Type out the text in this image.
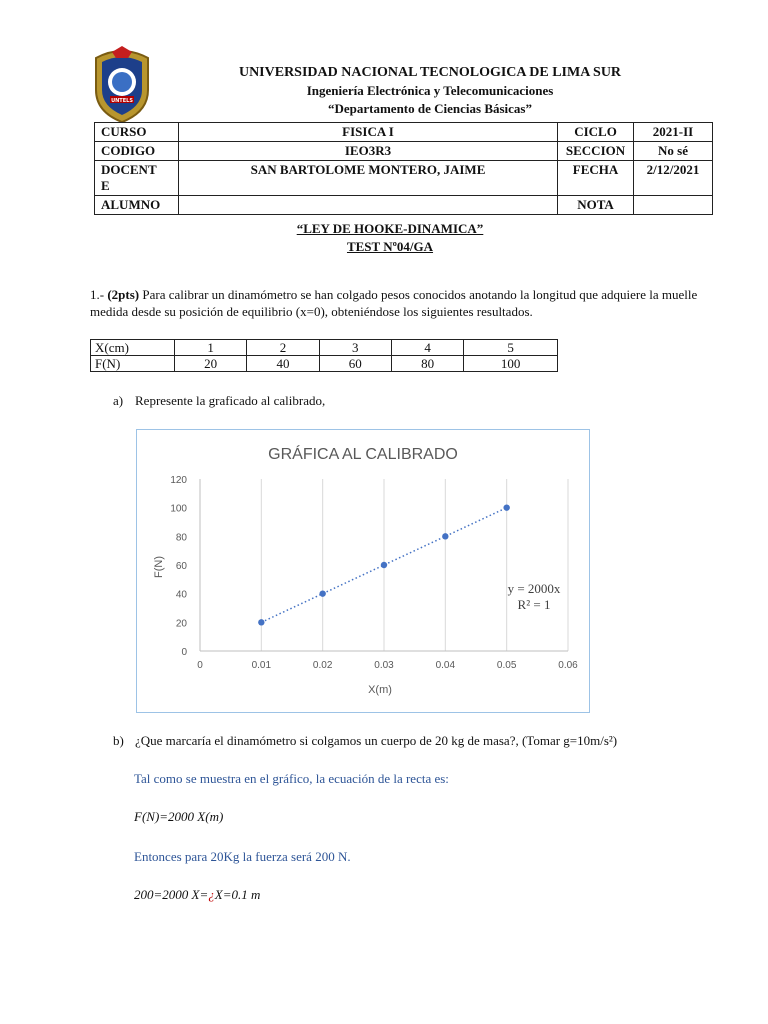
UNTELS
UNIVERSIDAD NACIONAL TECNOLOGICA DE LIMA SUR
Ingeniería Electrónica y Telecomunicaciones
“Departamento de Ciencias Básicas”
CURSO	FISICA I	CICLO	2021-II
CODIGO	IEO3R3	SECCION	No sé
DOCENT
E	SAN BARTOLOME MONTERO, JAIME	FECHA	2/12/2021
ALUMNO		NOTA	
“LEY DE HOOKE-DINAMICA”
TEST Nº04/GA
1.- (2pts) Para calibrar un dinamómetro se han colgado pesos conocidos anotando la longitud que adquiere la muelle medida desde su posición de equilibrio (x=0), obteniéndose los siguientes resultados.
X(cm)	1	2	3	4	5
F(N)	20	40	60	80	100
a) Represente la graficado al calibrado,
GRÁFICA AL CALIBRADO
0	0.01	0.02	0.03	0.04	0.05	0.06
0
20
40
60
80
100
120
X(m)
F(N)
y = 2000x
R² = 1
b) ¿Que marcaría el dinamómetro si colgamos un cuerpo de 20 kg de masa?, (Tomar g=10m/s²)
Tal como se muestra en el gráfico, la ecuación de la recta es:
F(N)=2000 X(m)
Entonces para 20Kg la fuerza será 200 N.
200=2000 X=¿X=0.1 m
